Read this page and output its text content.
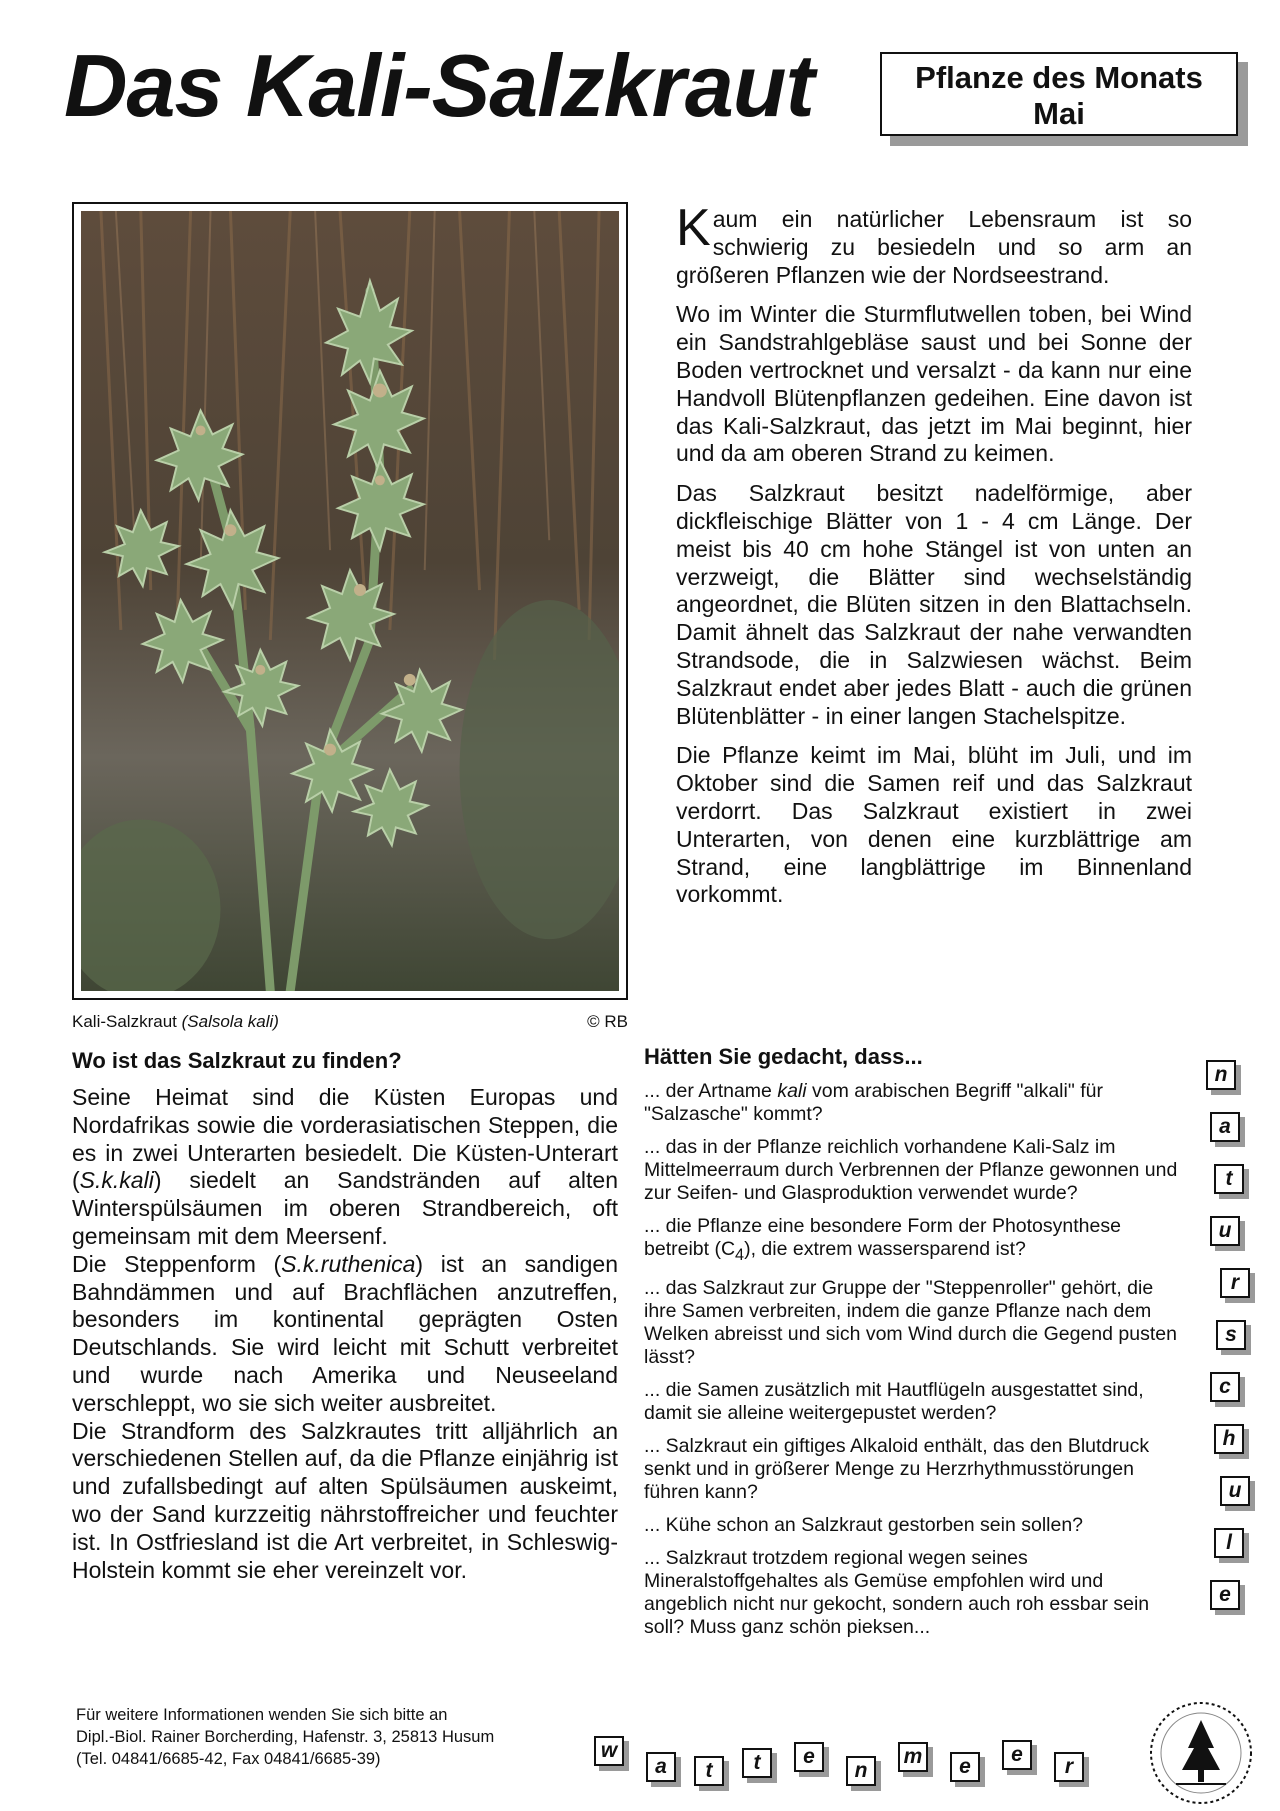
Das Kali-Salzkraut	Pflanze des Monats
Mai
Kali-Salzkraut (Salsola kali)	© RB

Kaum ein natürlicher Lebensraum ist so schwierig zu besiedeln und so arm an größeren Pflanzen wie der Nordseestrand.

Wo im Winter die Sturmflutwellen toben, bei Wind ein Sandstrahlgebläse saust und bei Sonne der Boden vertrocknet und versalzt - da kann nur eine Handvoll Blütenpflanzen gedeihen. Eine davon ist das Kali-Salzkraut, das jetzt im Mai beginnt, hier und da am oberen Strand zu keimen.

Das Salzkraut besitzt nadelförmige, aber dickfleischige Blätter von 1 - 4 cm Länge. Der meist bis 40 cm hohe Stängel ist von unten an verzweigt, die Blätter sind wechselständig angeordnet, die Blüten sitzen in den Blattachseln. Damit ähnelt das Salzkraut der nahe verwandten Strandsode, die in Salzwiesen wächst. Beim Salzkraut endet aber jedes Blatt - auch die grünen Blütenblätter - in einer langen Stachelspitze.

Die Pflanze keimt im Mai, blüht im Juli, und im Oktober sind die Samen reif und das Salzkraut verdorrt. Das Salzkraut existiert in zwei Unterarten, von denen eine kurzblättrige am Strand, eine langblättrige im Binnenland vorkommt.

Wo ist das Salzkraut zu finden?

Seine Heimat sind die Küsten Europas und Nordafrikas sowie die vorderasiatischen Steppen, die es in zwei Unterarten besiedelt. Die Küsten-Unterart (S.k.kali) siedelt an Sandstränden auf alten Winterspülsäumen im oberen Strandbereich, oft gemeinsam mit dem Meersenf.

Die Steppenform (S.k.ruthenica) ist an sandigen Bahndämmen und auf Brachflächen anzutreffen, besonders im kontinental geprägten Osten Deutschlands. Sie wird leicht mit Schutt verbreitet und wurde nach Amerika und Neuseeland verschleppt, wo sie sich weiter ausbreitet.

Die Strandform des Salzkrautes tritt alljährlich an verschiedenen Stellen auf, da die Pflanze einjährig ist und zufallsbedingt auf alten Spülsäumen auskeimt, wo der Sand kurzzeitig nährstoffreicher und feuchter ist. In Ostfriesland ist die Art verbreitet, in Schleswig-Holstein kommt sie eher vereinzelt vor.

Hätten Sie gedacht, dass...
... der Artname kali vom arabischen Begriff "alkali" für "Salzasche" kommt?
... das in der Pflanze reichlich vorhandene Kali-Salz im Mittelmeerraum durch Verbrennen der Pflanze gewonnen und zur Seifen- und Glasproduktion verwendet wurde?
... die Pflanze eine besondere Form der Photosynthese betreibt $(C_4)$, die extrem wassersparend ist?
... das Salzkraut zur Gruppe der "Steppenroller" gehört, die ihre Samen verbreiten, indem die ganze Pflanze nach dem Welken abreisst und sich vom Wind durch die Gegend pusten lässt?
... die Samen zusätzlich mit Hautflügeln ausgestattet sind, damit sie alleine weitergepustet werden?
... Salzkraut ein giftiges Alkaloid enthält, das den Blutdruck senkt und in größerer Menge zu Herzrhythmusstörungen führen kann?
... Kühe schon an Salzkraut gestorben sein sollen?
... Salzkraut trotzdem regional wegen seines Mineralstoffgehaltes als Gemüse empfohlen wird und angeblich nicht nur gekocht, sondern auch roh essbar sein soll? Muss ganz schön pieksen...
n
a
t
u
r
s
c
h
u
l
e
w
a	t	t	e
n
m	e
e
r
Für weitere Informationen wenden Sie sich bitte an
Dipl.-Biol. Rainer Borcherding, Hafenstr. 3, 25813 Husum
(Tel. 04841/6685-42, Fax 04841/6685-39)
